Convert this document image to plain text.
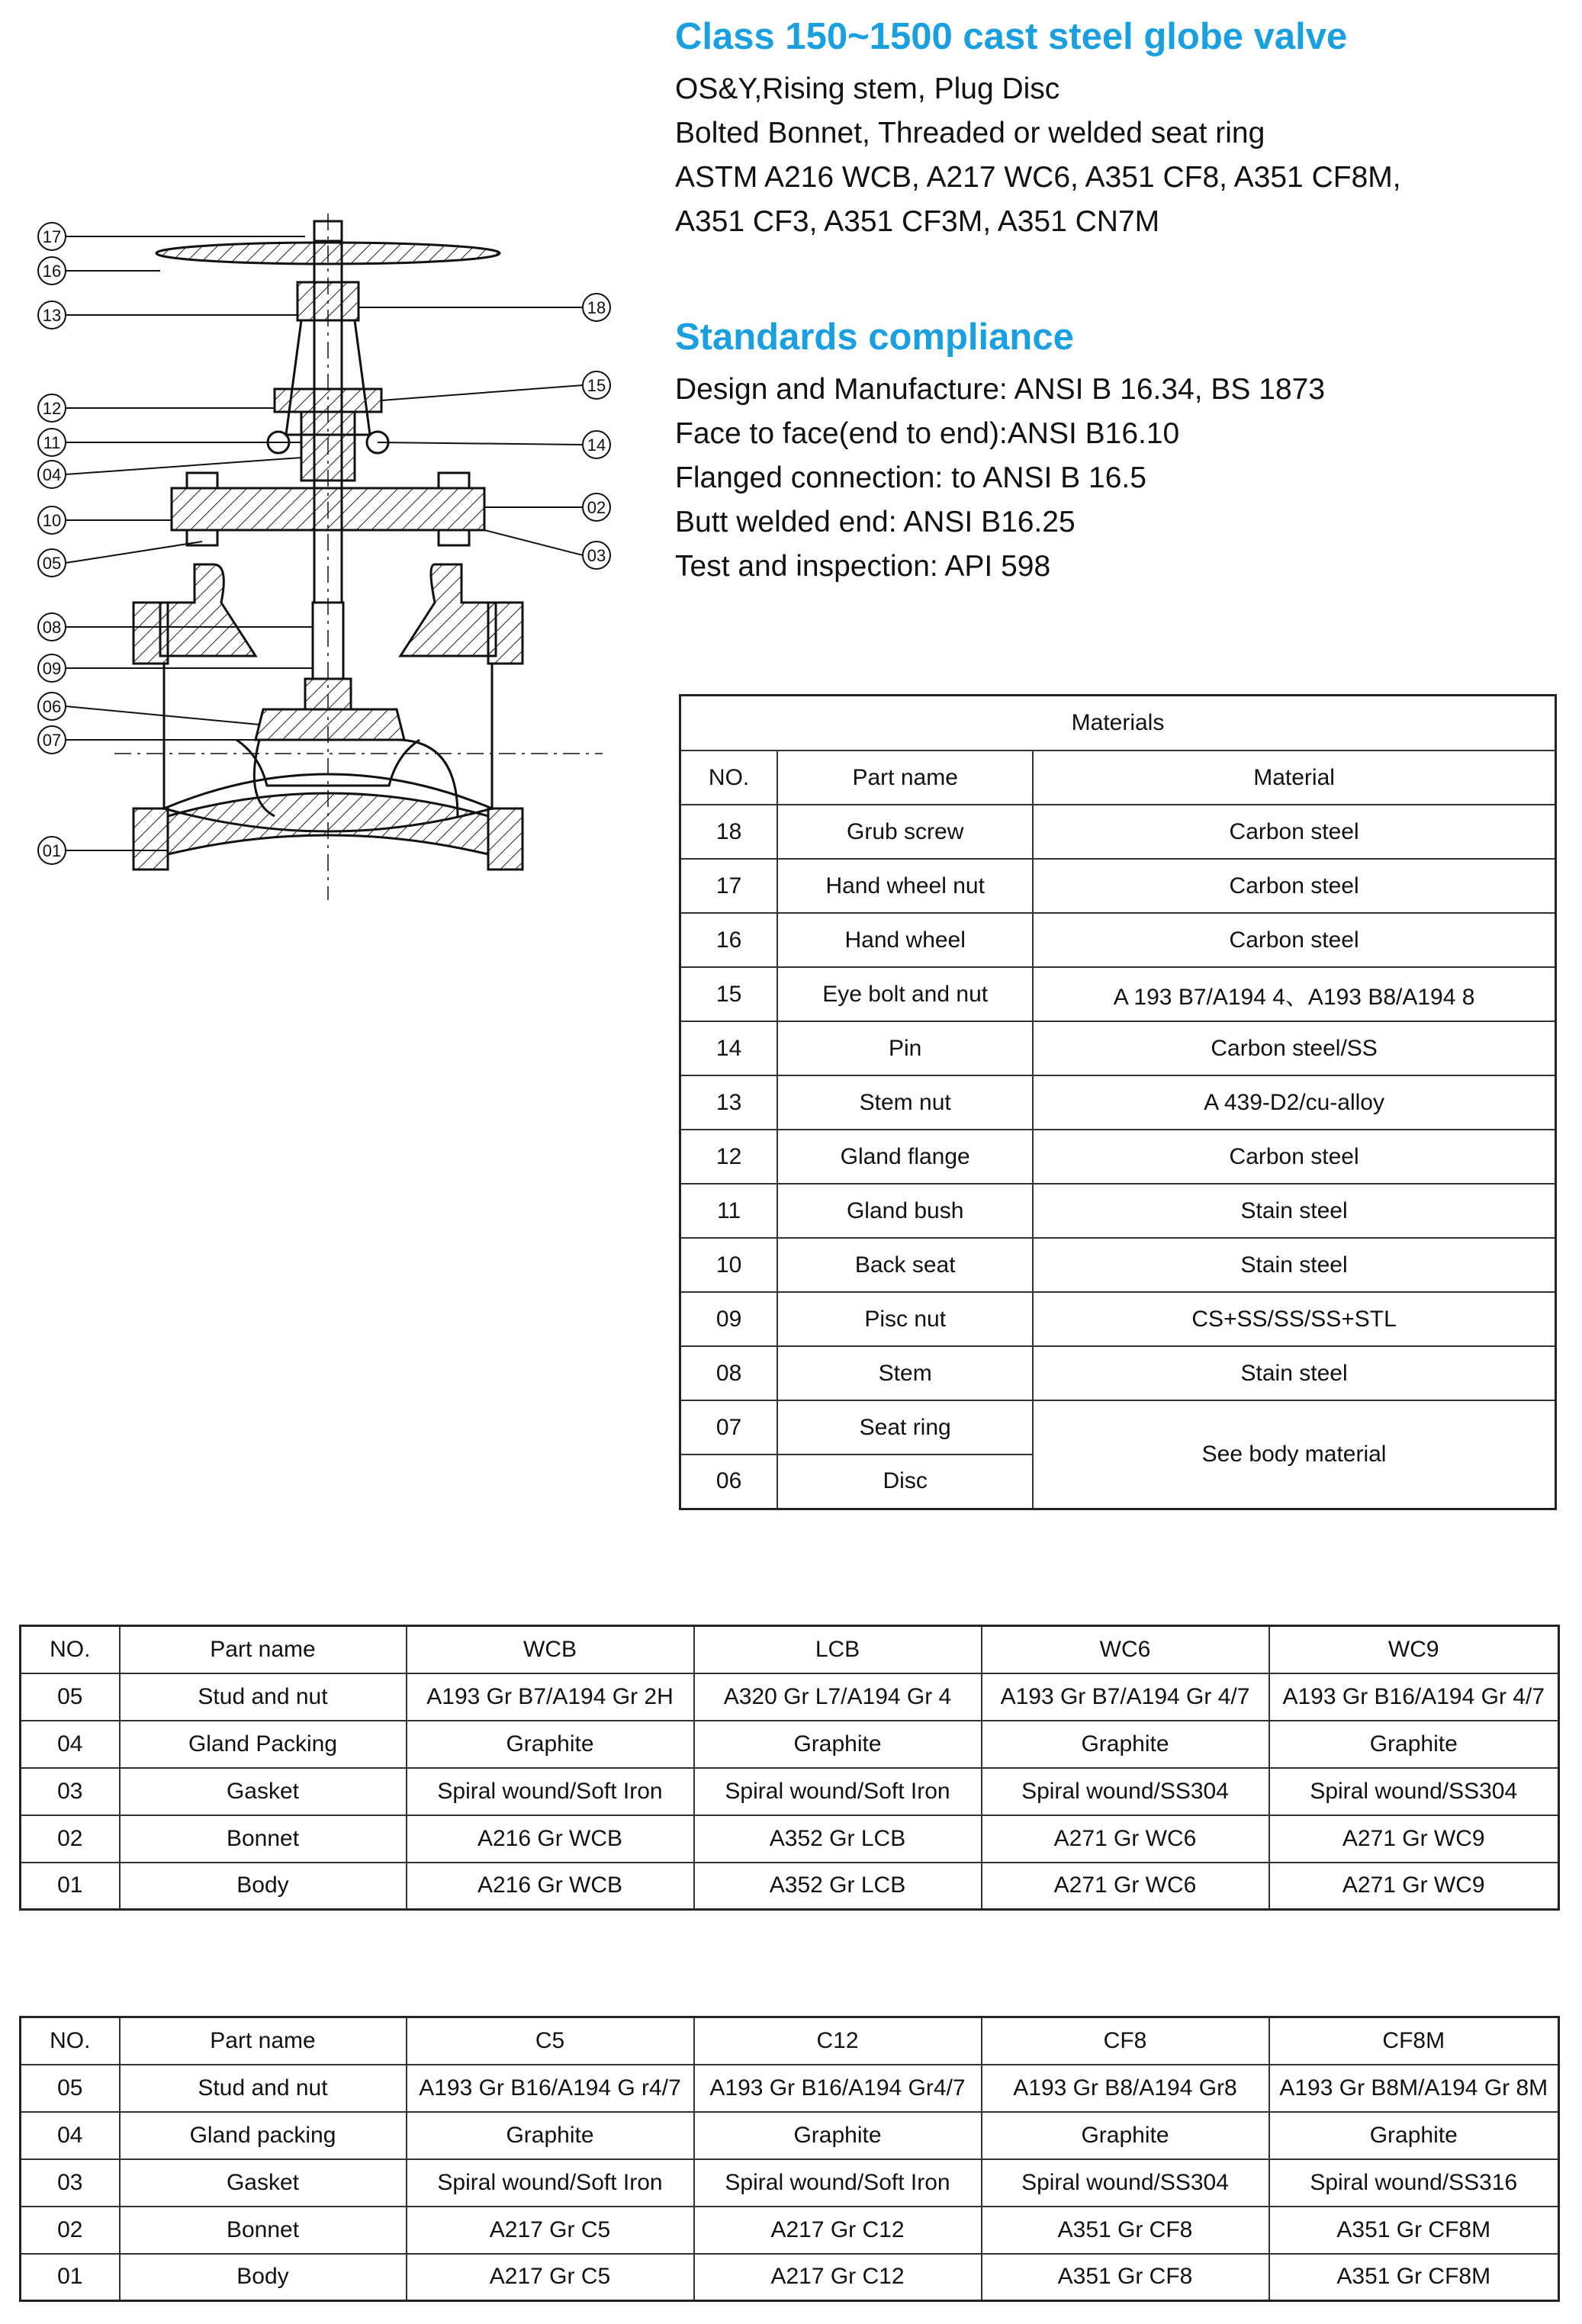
Class 150~1500 cast steel globe valve

OS&Y,Rising stem, Plug Disc

Bolted Bonnet, Threaded or welded seat ring

ASTM A216 WCB, A217 WC6, A351 CF8, A351 CF8M,

A351 CF3, A351 CF3M, A351 CN7M

Standards compliance

Design and Manufacture: ANSI B 16.34, BS 1873

Face to face(end to end):ANSI B16.10

Flanged connection: to ANSI B 16.5

Butt welded end: ANSI B16.25

Test and inspection: API 598

17
16
13
12
11
04
10
05
08
09
06
07
01
18
15
14
02
03
Materials		
NO.	Part name	Material
18	Grub screw	Carbon steel
17	Hand wheel nut	Carbon steel
16	Hand wheel	Carbon steel
15	Eye bolt and nut	A 193 B7/A194 4、A193 B8/A194 8
14	Pin	Carbon steel/SS
13	Stem nut	A 439-D2/cu-alloy
12	Gland flange	Carbon steel
11	Gland bush	Stain steel
10	Back seat	Stain steel
09	Pisc nut	CS+SS/SS/SS+STL
08	Stem	Stain steel
07	Seat ring	See body material
06	Disc	
NO.	Part name	WCB	LCB	WC6	WC9
05	Stud and nut	A193 Gr B7/A194 Gr 2H	A320 Gr L7/A194 Gr 4	A193 Gr B7/A194 Gr 4/7	A193 Gr B16/A194 Gr 4/7
04	Gland Packing	Graphite	Graphite	Graphite	Graphite
03	Gasket	Spiral wound/Soft Iron	Spiral wound/Soft Iron	Spiral wound/SS304	Spiral wound/SS304
02	Bonnet	A216 Gr WCB	A352 Gr LCB	A271 Gr WC6	A271 Gr WC9
01	Body	A216 Gr WCB	A352 Gr LCB	A271 Gr WC6	A271 Gr WC9
NO.	Part name	C5	C12	CF8	CF8M
05	Stud and nut	A193 Gr B16/A194 G r4/7	A193 Gr B16/A194 Gr4/7	A193 Gr B8/A194 Gr8	A193 Gr B8M/A194 Gr 8M
04	Gland packing	Graphite	Graphite	Graphite	Graphite
03	Gasket	Spiral wound/Soft Iron	Spiral wound/Soft Iron	Spiral wound/SS304	Spiral wound/SS316
02	Bonnet	A217 Gr C5	A217 Gr C12	A351 Gr CF8	A351 Gr CF8M
01	Body	A217 Gr C5	A217 Gr C12	A351 Gr CF8	A351 Gr CF8M
